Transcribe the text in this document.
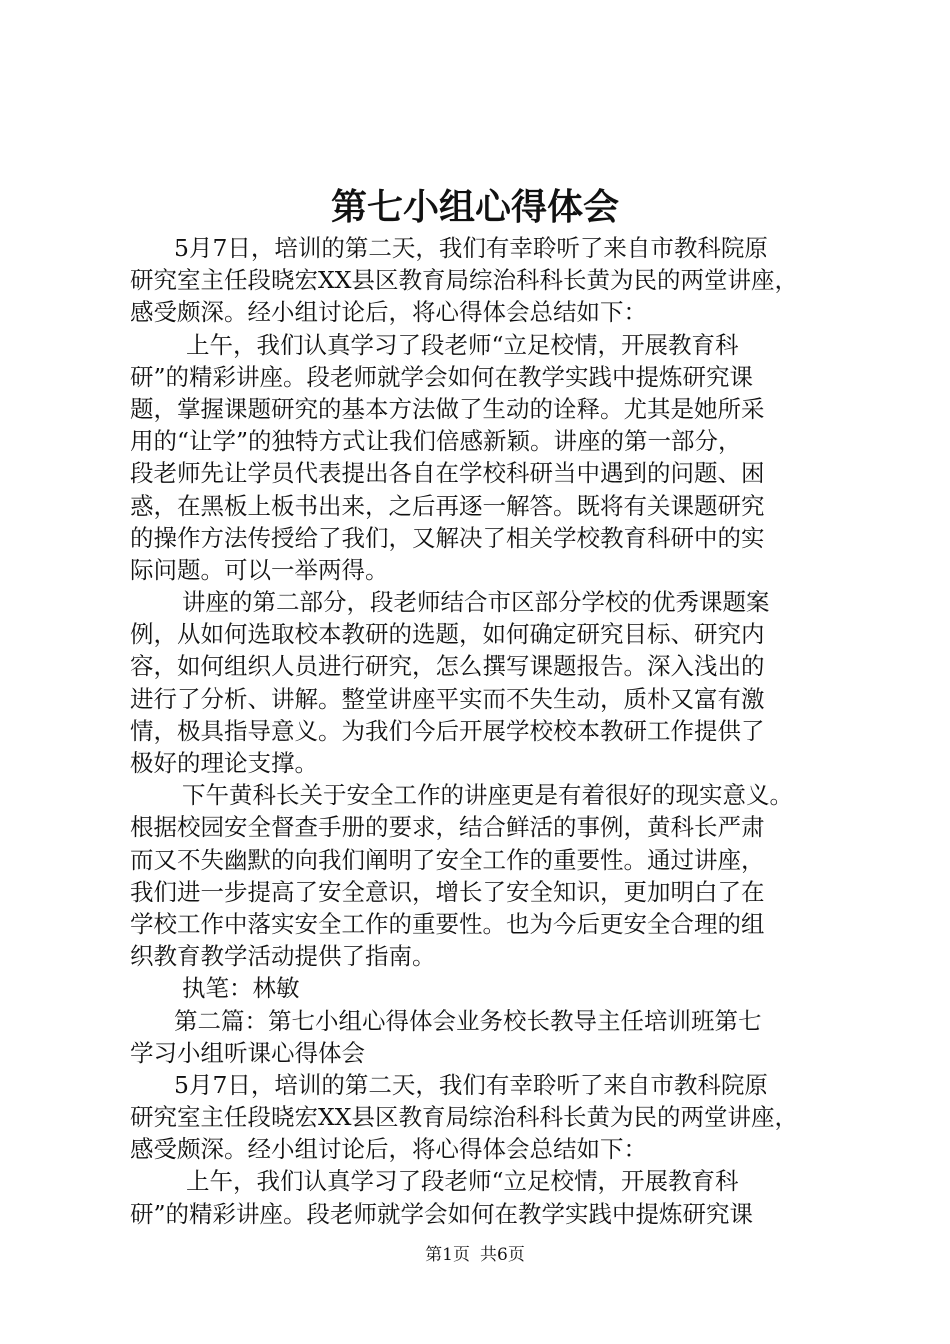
第七小组心得体会
5月7日，培训的第二天，我们有幸聆听了来自市教科院原
研究室主任段晓宏XX县区教育局综治科科长黄为民的两堂讲座，
感受颇深。经小组讨论后，将心得体会总结如下：
上午，我们认真学习了段老师“立足校情，开展教育科
研”的精彩讲座。段老师就学会如何在教学实践中提炼研究课
题，掌握课题研究的基本方法做了生动的诠释。尤其是她所采
用的“让学”的独特方式让我们倍感新颖。讲座的第一部分，
段老师先让学员代表提出各自在学校科研当中遇到的问题、困
惑，在黑板上板书出来，之后再逐一解答。既将有关课题研究
的操作方法传授给了我们，又解决了相关学校教育科研中的实
际问题。可以一举两得。
讲座的第二部分，段老师结合市区部分学校的优秀课题案
例，从如何选取校本教研的选题，如何确定研究目标、研究内
容，如何组织人员进行研究，怎么撰写课题报告。深入浅出的
进行了分析、讲解。整堂讲座平实而不失生动，质朴又富有激
情，极具指导意义。为我们今后开展学校校本教研工作提供了
极好的理论支撑。
下午黄科长关于安全工作的讲座更是有着很好的现实意义。
根据校园安全督查手册的要求，结合鲜活的事例，黄科长严肃
而又不失幽默的向我们阐明了安全工作的重要性。通过讲座，
我们进一步提高了安全意识，增长了安全知识，更加明白了在
学校工作中落实安全工作的重要性。也为今后更安全合理的组
织教育教学活动提供了指南。
执笔：林敏
第二篇：第七小组心得体会业务校长教导主任培训班第七
学习小组听课心得体会
5月7日，培训的第二天，我们有幸聆听了来自市教科院原
研究室主任段晓宏XX县区教育局综治科科长黄为民的两堂讲座，
感受颇深。经小组讨论后，将心得体会总结如下：
上午，我们认真学习了段老师“立足校情，开展教育科
研”的精彩讲座。段老师就学会如何在教学实践中提炼研究课
第1页 共6页
